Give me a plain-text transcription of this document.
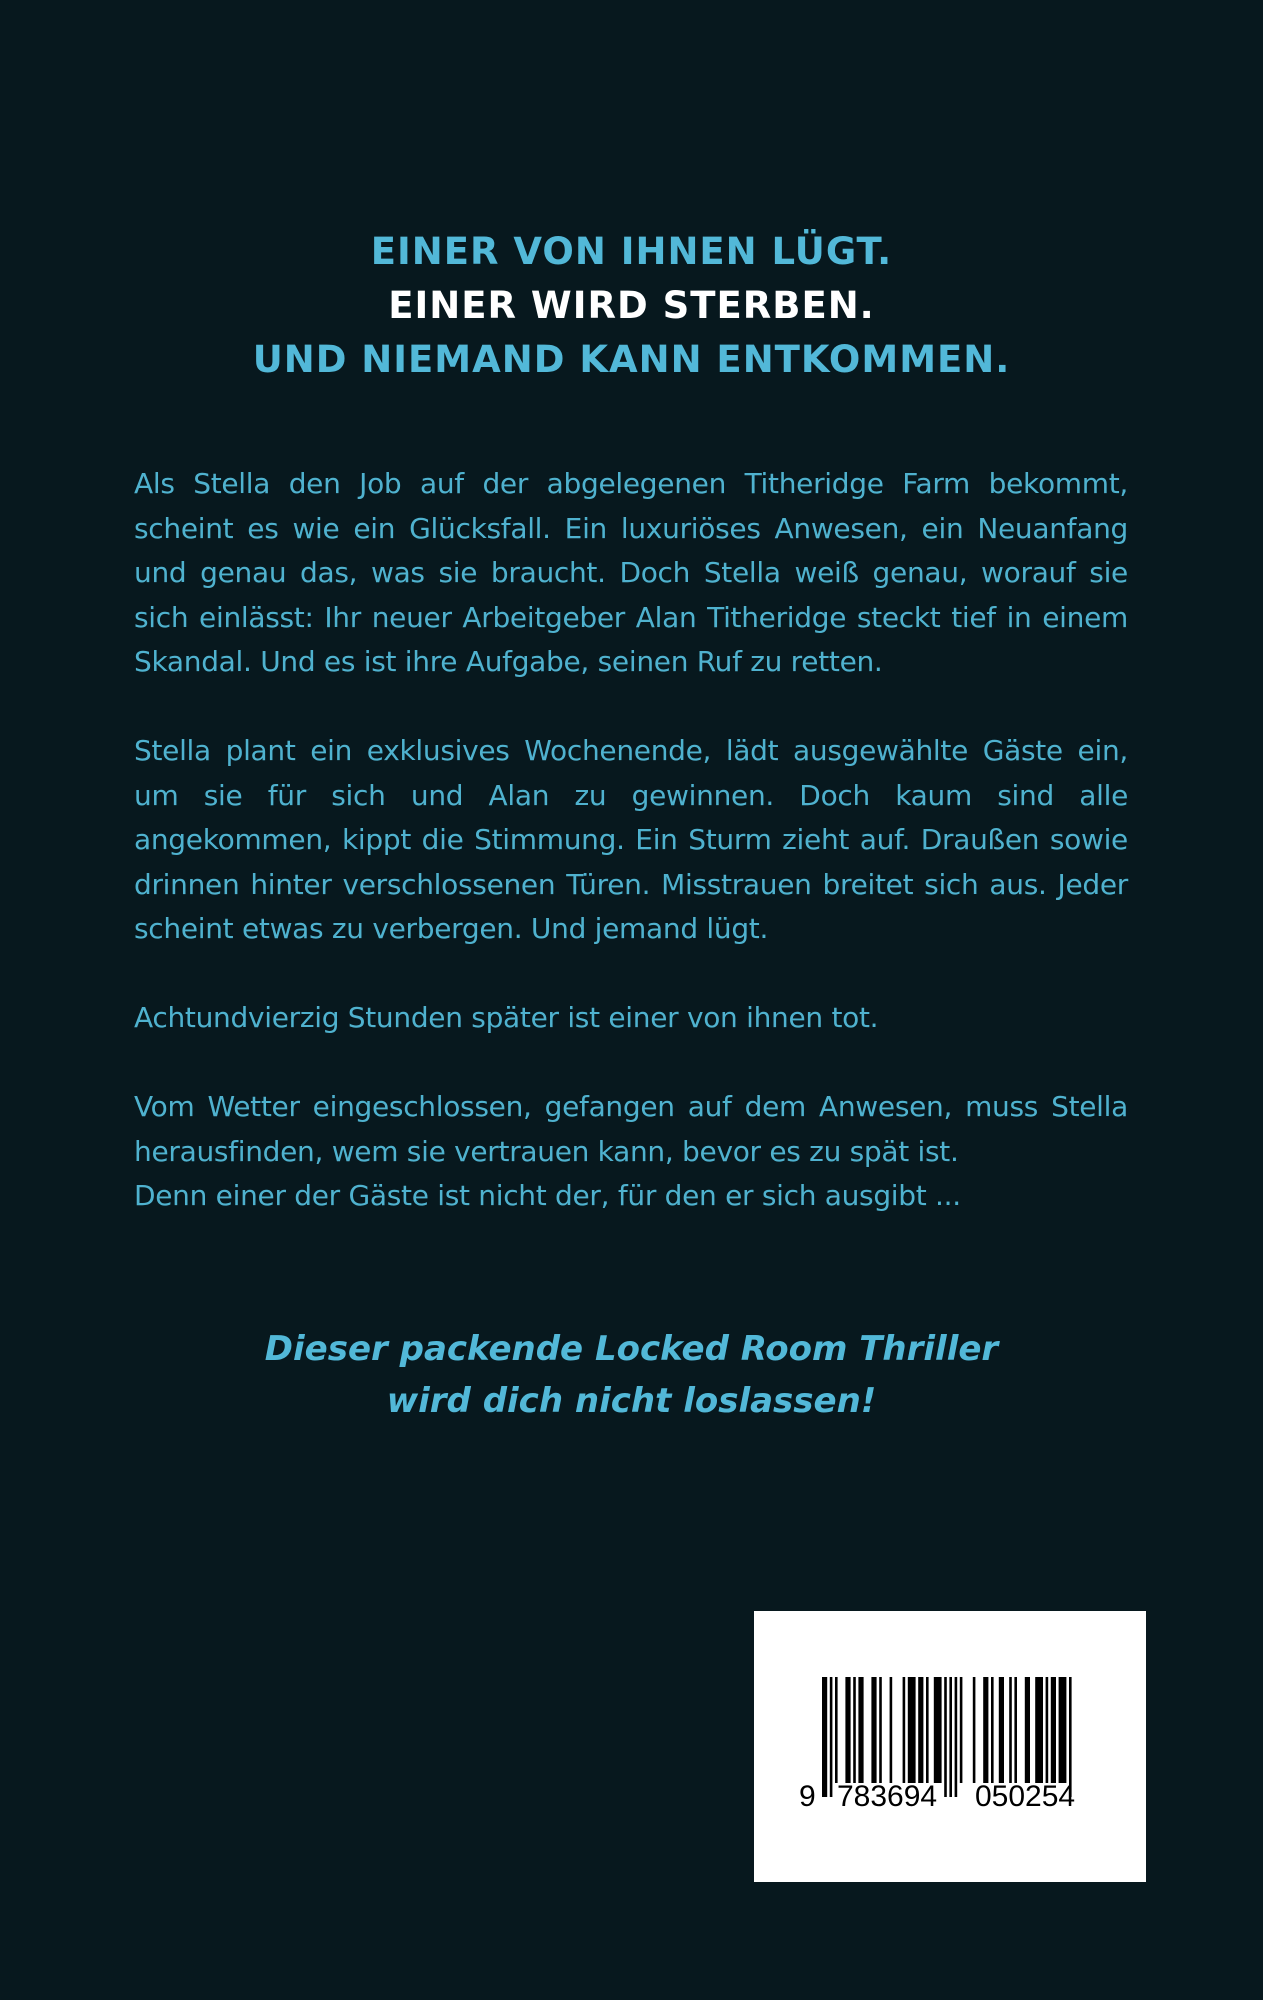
EINER VON IHNEN LÜGT.
EINER WIRD STERBEN.
UND NIEMAND KANN ENTKOMMEN.

Als Stella den Job auf der abgelegenen Titheridge Farm bekommt, scheint es wie ein Glücksfall. Ein luxuriöses Anwesen, ein Neuanfang und genau das, was sie braucht. Doch Stella weiß genau, worauf sie sich einlässt: Ihr neuer Arbeitgeber Alan Titheridge steckt tief in einem Skandal. Und es ist ihre Aufgabe, seinen Ruf zu retten.

Stella plant ein exklusives Wochenende, lädt ausgewählte Gäste ein, um sie für sich und Alan zu gewinnen. Doch kaum sind alle angekommen, kippt die Stimmung. Ein Sturm zieht auf. Draußen sowie drinnen hinter verschlossenen Türen. Misstrauen breitet sich aus. Jeder scheint etwas zu verbergen. Und jemand lügt.

Achtundvierzig Stunden später ist einer von ihnen tot.

Vom Wetter eingeschlossen, gefangen auf dem Anwesen, muss Stella herausfinden, wem sie vertrauen kann, bevor es zu spät ist.
Denn einer der Gäste ist nicht der, für den er sich ausgibt ...

Dieser packende Locked Room Thriller
wird dich nicht loslassen!

9 783694 050254
